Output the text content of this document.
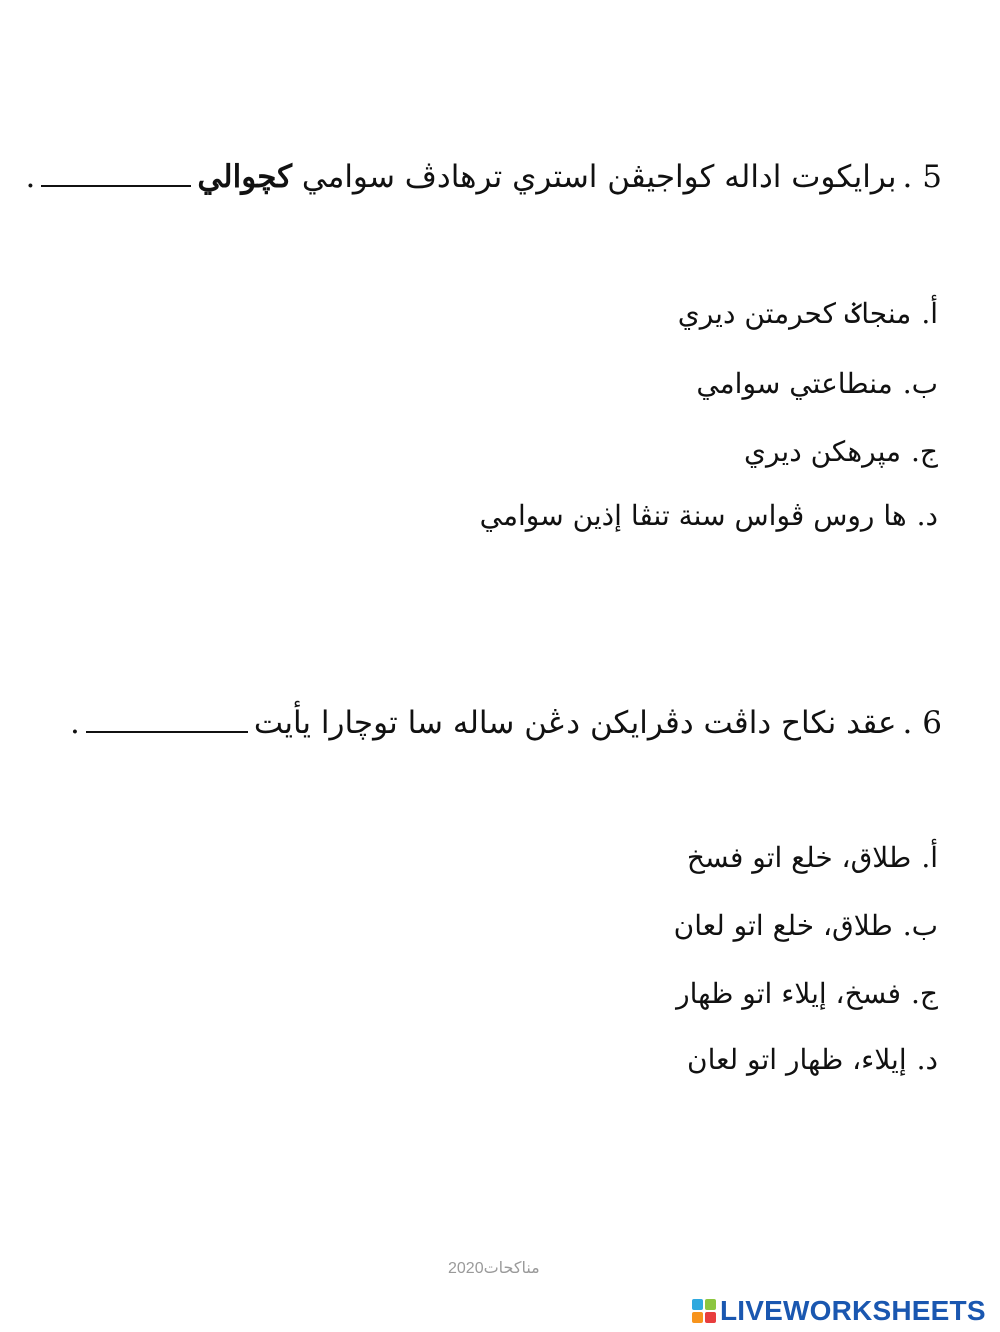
5 .برايكوت اداله كواجيڤن استري ترهادڤ سوامي كچوالي.
أ.منجاݢ كحرمتن ديري
ب.منطاعتي سوامي
ج.مپرهكن ديري
د.ها روس ڤواس سنة تنڤا إذين سوامي
6 .عقد نكاح داڤت دڤرايكن دڠن ساله سا توچارا يأيت.
أ.طلاق، خلع اتو فسخ
ب.طلاق، خلع اتو لعان
ج.فسخ، إيلاء اتو ظهار
د.إيلاء، ظهار اتو لعان
مناكحات2020
LIVEWORKSHEETS
